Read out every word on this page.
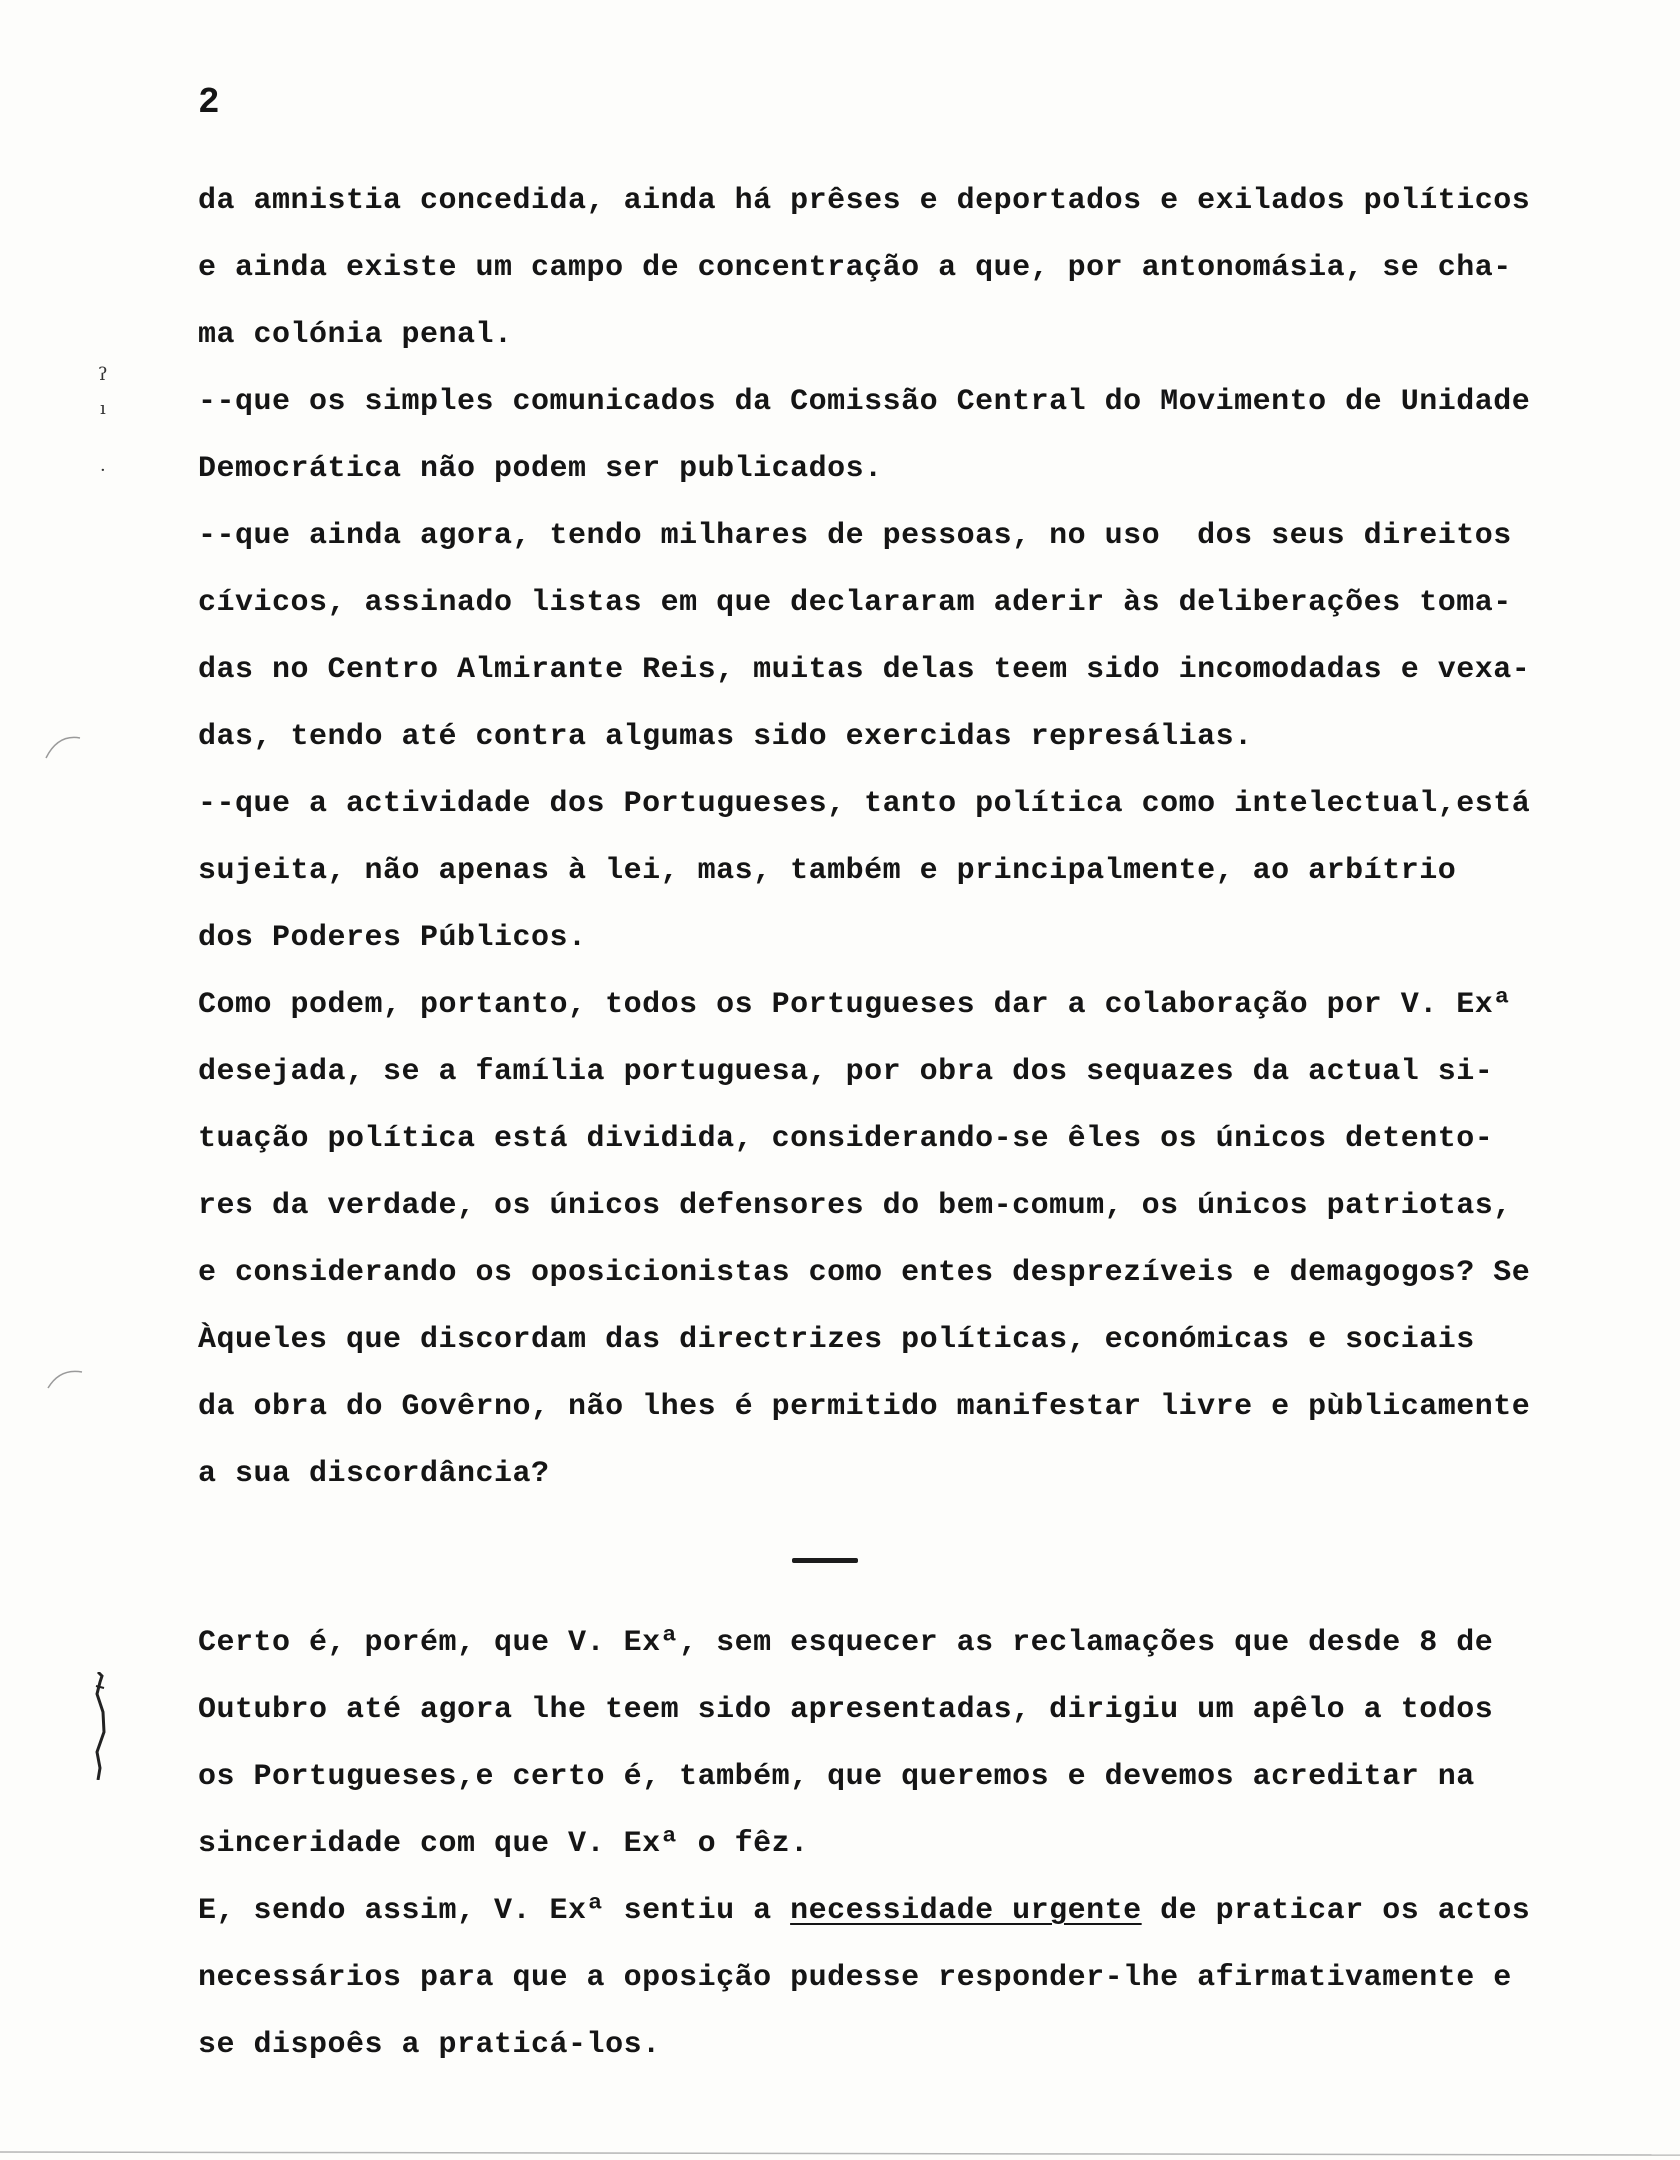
2
ʔ
ı
·
da amnistia concedida, ainda há prêses e deportados e exilados políticos
e ainda existe um campo de concentração a que, por antonomásia, se cha-
ma colónia penal.
--que os simples comunicados da Comissão Central do Movimento de Unidade
Democrática não podem ser publicados.
--que ainda agora, tendo milhares de pessoas, no uso  dos seus direitos
cívicos, assinado listas em que declararam aderir às deliberações toma-
das no Centro Almirante Reis, muitas delas teem sido incomodadas e vexa-
das, tendo até contra algumas sido exercidas represálias.
--que a actividade dos Portugueses, tanto política como intelectual,está
sujeita, não apenas à lei, mas, também e principalmente, ao arbítrio
dos Poderes Públicos.
Como podem, portanto, todos os Portugueses dar a colaboração por V. Exª
desejada, se a família portuguesa, por obra dos sequazes da actual si-
tuação política está dividida, considerando-se êles os únicos detento-
res da verdade, os únicos defensores do bem-comum, os únicos patriotas,
e considerando os oposicionistas como entes desprezíveis e demagogos? Se
Àqueles que discordam das directrizes políticas, económicas e sociais
da obra do Govêrno, não lhes é permitido manifestar livre e pùblicamente
a sua discordância?
Certo é, porém, que V. Exª, sem esquecer as reclamações que desde 8 de
Outubro até agora lhe teem sido apresentadas, dirigiu um apêlo a todos
os Portugueses,e certo é, também, que queremos e devemos acreditar na
sinceridade com que V. Exª o fêz.
E, sendo assim, V. Exª sentiu a necessidade urgente de praticar os actos
necessários para que a oposição pudesse responder-lhe afirmativamente e
se dispoês a praticá-los.
